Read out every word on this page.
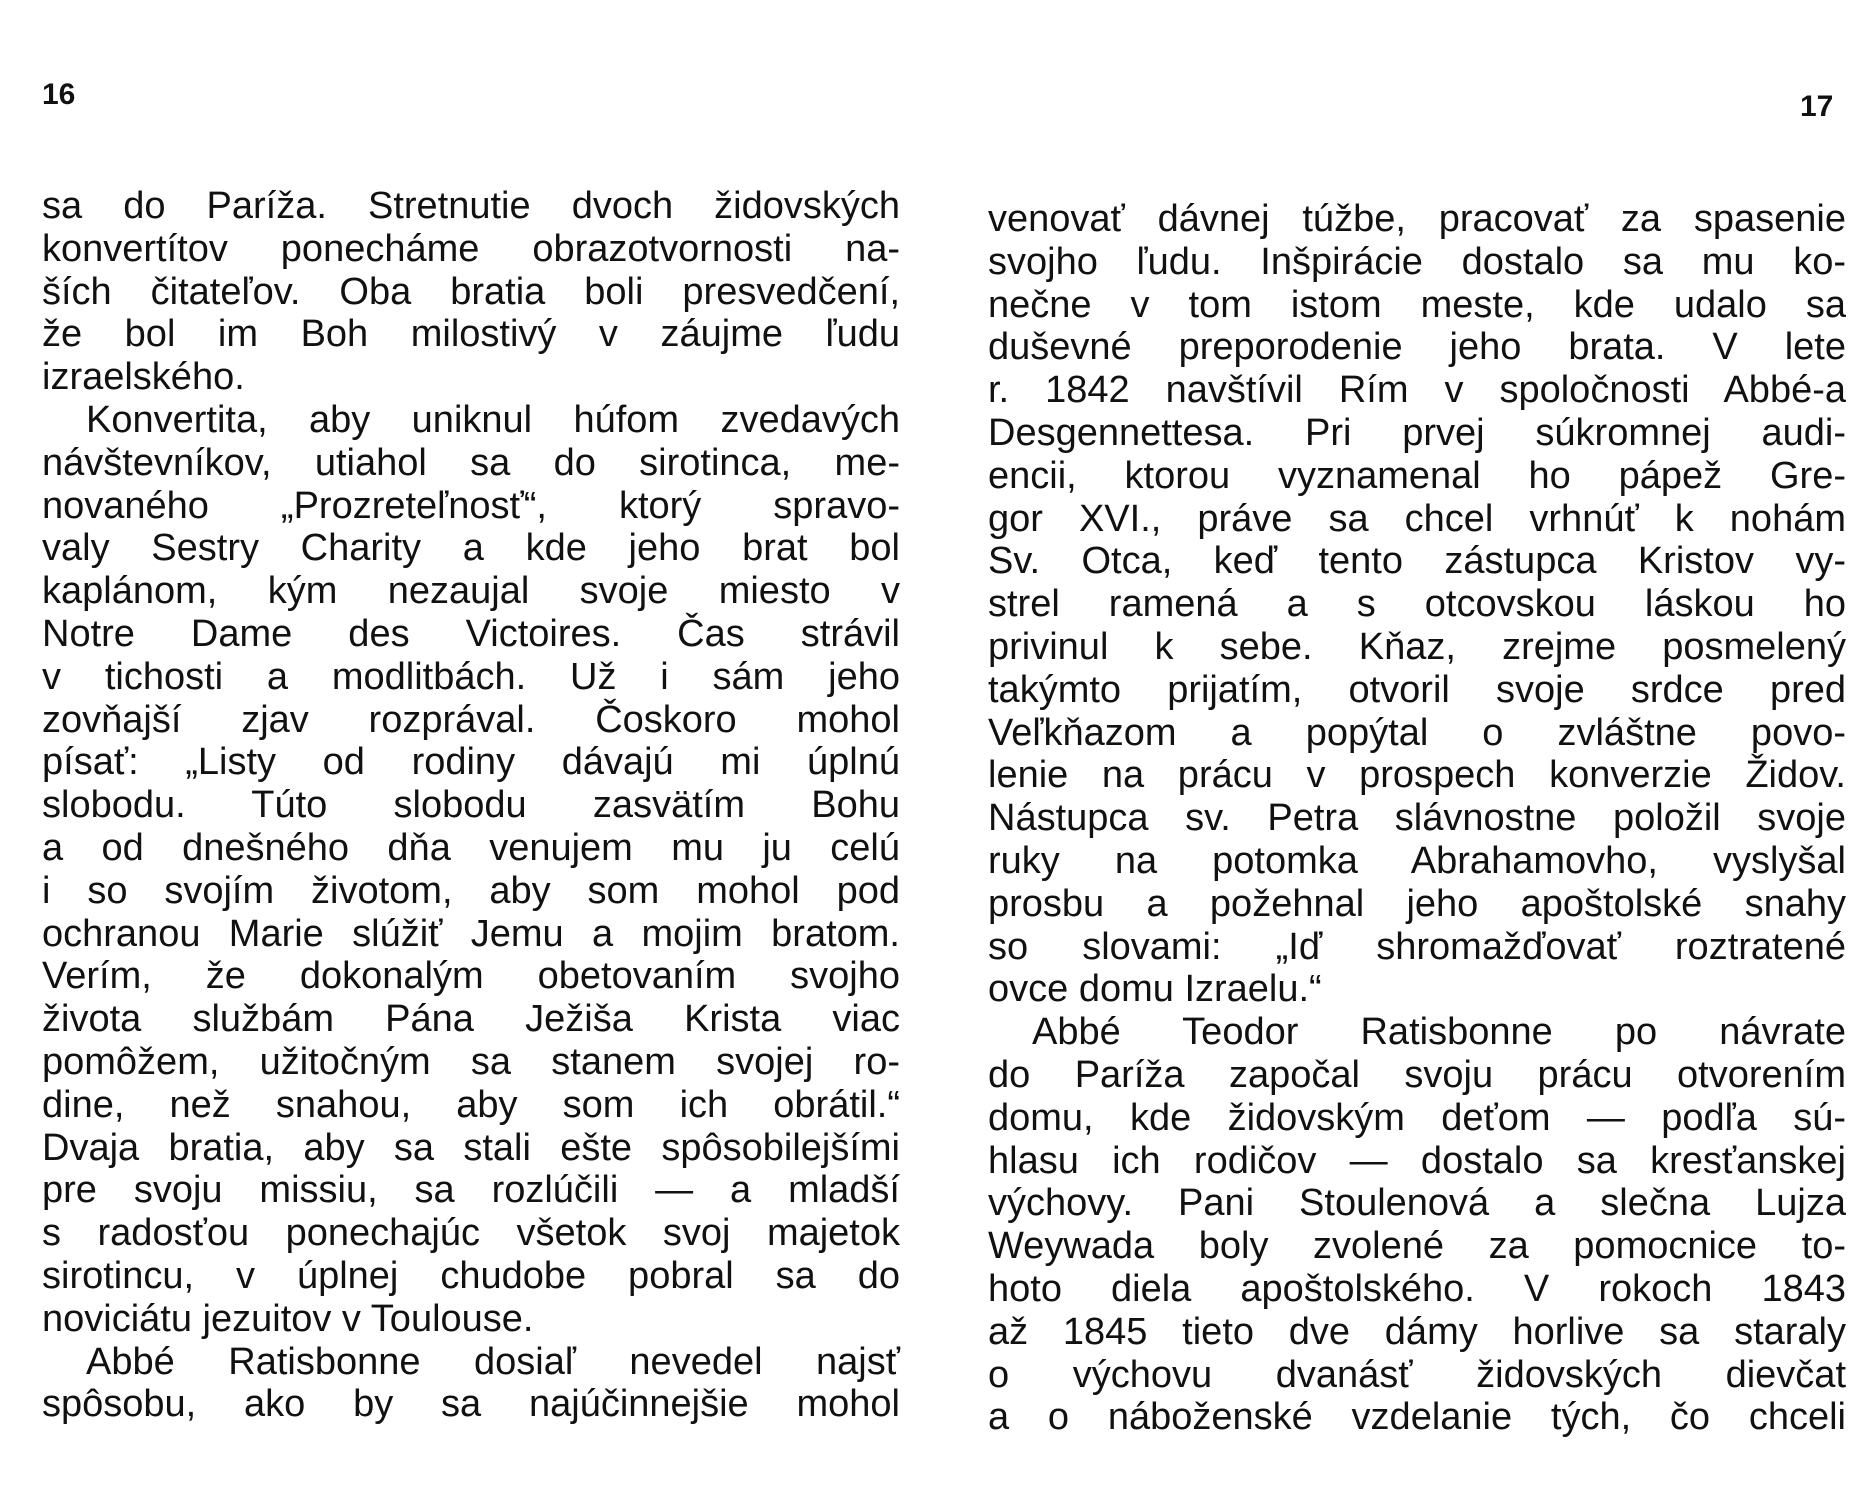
16	17
sa do Paríža. Stretnutie dvoch židovských
konvertítov ponecháme obrazotvornosti na-
ších čitateľov. Oba bratia boli presvedčení,
že bol im Boh milostivý v záujme ľudu
izraelského.
Konvertita, aby uniknul húfom zvedavých
návštevníkov, utiahol sa do sirotinca, me-
novaného „Prozreteľnosť“, ktorý spravo-
valy Sestry Charity a kde jeho brat bol
kaplánom, kým nezaujal svoje miesto v
Notre Dame des Victoires. Čas strávil
v tichosti a modlitbách. Už i sám jeho
zovňajší zjav rozprával. Čoskoro mohol
písať: „Listy od rodiny dávajú mi úplnú
slobodu. Túto slobodu zasvätím Bohu
a od dnešného dňa venujem mu ju celú
i so svojím životom, aby som mohol pod
ochranou Marie slúžiť Jemu a mojim bratom.
Verím, že dokonalým obetovaním svojho
života službám Pána Ježiša Krista viac
pomôžem, užitočným sa stanem svojej ro-
dine, než snahou, aby som ich obrátil.“
Dvaja bratia, aby sa stali ešte spôsobilejšími
pre svoju missiu, sa rozlúčili — a mladší
s radosťou ponechajúc všetok svoj majetok
sirotincu, v úplnej chudobe pobral sa do
noviciátu jezuitov v Toulouse.
Abbé Ratisbonne dosiaľ nevedel najsť
spôsobu, ako by sa najúčinnejšie mohol
venovať dávnej túžbe, pracovať za spasenie
svojho ľudu. Inšpirácie dostalo sa mu ko-
nečne v tom istom meste, kde udalo sa
duševné preporodenie jeho brata. V lete
r. 1842 navštívil Rím v spoločnosti Abbé-a
Desgennettesa. Pri prvej súkromnej audi-
encii, ktorou vyznamenal ho pápež Gre-
gor XVI., práve sa chcel vrhnúť k nohám
Sv. Otca, keď tento zástupca Kristov vy-
strel ramená a s otcovskou láskou ho
privinul k sebe. Kňaz, zrejme posmelený
takýmto prijatím, otvoril svoje srdce pred
Veľkňazom a popýtal o zvláštne povo-
lenie na prácu v prospech konverzie Židov.
Nástupca sv. Petra slávnostne položil svoje
ruky na potomka Abrahamovho, vyslyšal
prosbu a požehnal jeho apoštolské snahy
so slovami: „Iď shromažďovať roztratené
ovce domu Izraelu.“
Abbé Teodor Ratisbonne po návrate
do Paríža započal svoju prácu otvorením
domu, kde židovským deťom — podľa sú-
hlasu ich rodičov — dostalo sa kresťanskej
výchovy. Pani Stoulenová a slečna Lujza
Weywada boly zvolené za pomocnice to-
hoto diela apoštolského. V rokoch 1843
až 1845 tieto dve dámy horlive sa staraly
o výchovu dvanásť židovských dievčat
a o náboženské vzdelanie tých, čo chceli
